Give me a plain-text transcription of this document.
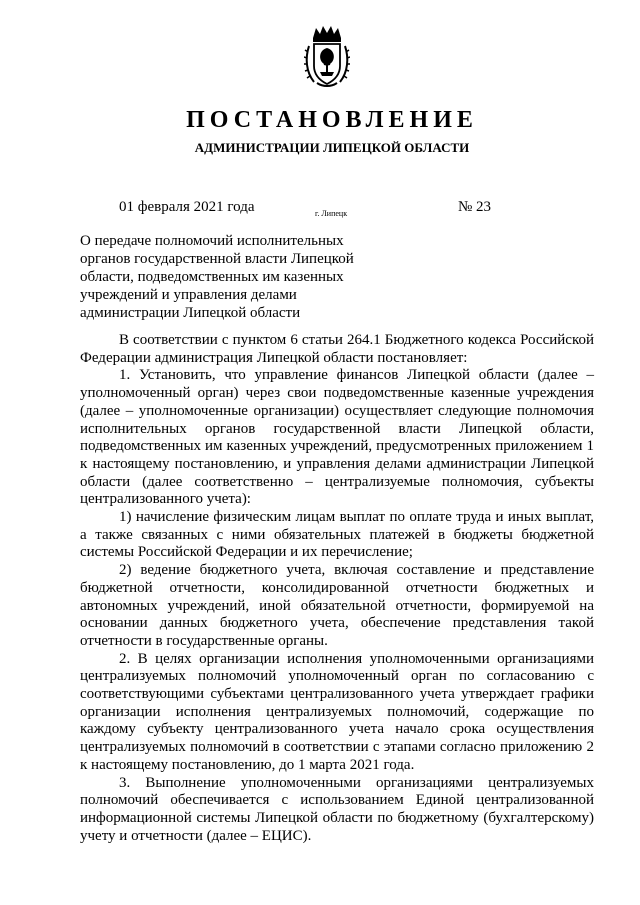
ПОСТАНОВЛЕНИЕ
АДМИНИСТРАЦИИ ЛИПЕЦКОЙ ОБЛАСТИ
01 февраля 2021 года	г. Липецк	№ 23
О передаче полномочий исполнительных
органов государственной власти Липецкой
области, подведомственных им казенных
учреждений и управления делами
администрации Липецкой области

В соответствии с пунктом 6 статьи 264.1 Бюджетного кодекса Российской Федерации администрация Липецкой области постановляет:

1. Установить, что управление финансов Липецкой области (далее – уполномоченный орган) через свои подведомственные казенные учреждения (далее – уполномоченные организации) осуществляет следующие полномочия исполнительных органов государственной власти Липецкой области, подведомственных им казенных учреждений, предусмотренных приложением 1 к настоящему постановлению, и управления делами администрации Липецкой области (далее соответственно – централизуемые полномочия, субъекты централизованного учета):

1) начисление физическим лицам выплат по оплате труда и иных выплат, а также связанных с ними обязательных платежей в бюджеты бюджетной системы Российской Федерации и их перечисление;

2) ведение бюджетного учета, включая составление и представление бюджетной отчетности, консолидированной отчетности бюджетных и автономных учреждений, иной обязательной отчетности, формируемой на основании данных бюджетного учета, обеспечение представления такой отчетности в государственные органы.

2. В целях организации исполнения уполномоченными организациями централизуемых полномочий уполномоченный орган по согласованию с соответствующими субъектами централизованного учета утверждает графики организации исполнения централизуемых полномочий, содержащие по каждому субъекту централизованного учета начало срока осуществления централизуемых полномочий в соответствии с этапами согласно приложению 2 к настоящему постановлению, до 1 марта 2021 года.

3. Выполнение уполномоченными организациями централизуемых полномочий обеспечивается с использованием Единой централизованной информационной системы Липецкой области по бюджетному (бухгалтерскому) учету и отчетности (далее – ЕЦИС).
